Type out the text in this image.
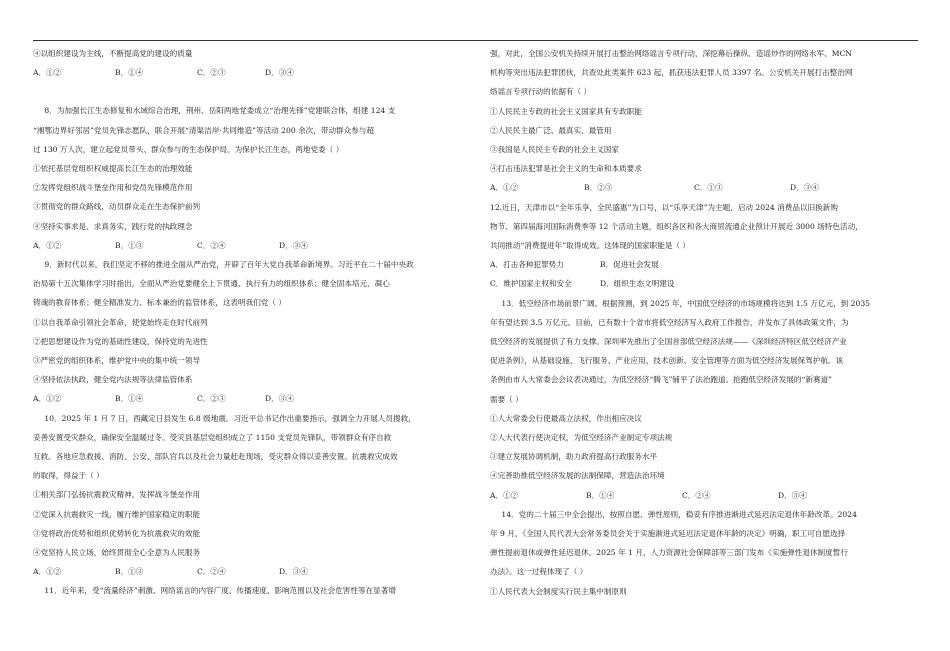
④以组织建设为主线，不断提高党的建设的质量

A．①②	B．①④	C．②③	D．③④

8．为加强长江生态修复和水域综合治理，荆州、岳阳两地党委成立“治理先锋”党建联合体，组建 124 支

“湘鄂边界好邻居”党员先锋志愿队，联合开展“清渠洁岸·共同维造”等活动 200 余次，带动群众参与超

过 130 万人次，建立起党员带头、群众参与的生态保护局。为保护长江生态，两地党委（ ）

①依托基层党组织权威提高长江生态的治理效能

②发挥党组织战斗堡垒作用和党员先锋模范作用

③贯彻党的群众路线，动员群众走在生态保护前列

④坚持实事求是、求真务实，践行党的执政理念

A．①②	B．①③	C．②④	D．③④

9．新时代以来，我们坚定不移的推进全面从严治党，开辟了百年大党自我革命新境界。习近平在二十届中央政

治局第十五次集体学习时指出，全面从严治党要健全上下贯通、执行有力的组织体系；健全固本培元、凝心

铸魂的教育体系；健全精准发力、标本兼治的监管体系，这表明我们党（ ）

①以自我革命引领社会革命，使党始终走在时代前列

②把思想建设作为党的基础性建设，保持党的先进性

③严密党的组织体系，维护党中央的集中统一领导

④坚持依法执政，健全党内法规等法律监管体系

A．①②	B．①④	C．②③	D．③④

10．2025 年 1 月 7 日，西藏定日县发生 6.8 级地震。习近平总书记作出重要指示，强调全力开展人员搜救，

妥善安置受灾群众，确保安全温暖过冬。受灾县基层党组织成立了 1150 支党员先锋队，带领群众有序自救

互救。各地应急救援、消防、公安、部队官兵以及社会力量赶赴现场，受灾群众得以妥善安置。抗震救灾成效

的取得，得益于（ ）

①相关部门弘扬抗震救灾精神，发挥战斗堡垒作用

②党深入抗震救灾一线，履行维护国家稳定的职能

③党将政治优势和组织优势转化为抗震救灾的效能

④党坚持人民立场，始终贯彻全心全意为人民服务

A．①②	B．①③	C．②④	D．③④

11．近年来，受“流量经济”刺激、网络谣言的内容广度、传播速度、影响范围以及社会危害性等在显著增

强，对此，全国公安机关持续开展打击整治网络谣言专项行动，深挖幕后操纵、造谣炒作的网络水军、MCN

机构等突出违法犯罪团伙，共查处此类案件 623 起，抓获违法犯罪人员 3397 名。公安机关开展打击整治网

络谣言专项行动的依据有（ ）

①人民民主专政的社会主义国家具有专政职能

②人民民主最广泛、最真实、最管用

③我国是人民民主专政的社会主义国家

④打击违法犯罪是社会主义的生命和本质要求

A．①②	B．②③	C．①③	D．③④

12.近日，天津市以“全年乐享，全民盛惠”为口号，以“乐享天津”为主题，启动 2024 消费品以旧换新购

物节、第四届海河国际消费季等 12 个活动主题，组织各区和各大商贸流通企业预计开展近 3000 场特色活动，

共同推动“消费提进年”取得成效。这体现的国家职能是（ ）

A．打击各种犯罪势力	B．促进社会发展
C．维护国家主权和安全	D．组织生态文明建设

13．低空经济市场前景广阔。根据预测，到 2025 年，中国低空经济的市场规模将达到 1.5 万亿元，到 2035

年有望达到 3.5 万亿元。目前，已有数十个省市将低空经济写入政府工作报告，并发布了具体政策文件，为

低空经济的发展提供了有力支撑。深圳率先推出了全国首部低空经济法规——《深圳经济特区低空经济产业

促进条例》，从基础设施、飞行服务、产业应用、技术创新、安全管理等方面为低空经济发展保驾护航。该

条例由市人大常委会会议表决通过，为低空经济“腾飞”铺平了法治跑道。抢跑低空经济发展的“新赛道”

需要（ ）

①人大常委会行使最高立法权，作出相应决议

②人大代表行使决定权，为低空经济产业制定专项法规

③建立发展协调机制，助力政府提高行政服务水平

④完善助推低空经济发展的法制保障，营造法治环境

A．①②	B．①④	C．②④	D．③④

14．党的二十届三中全会提出，按照自愿、弹性原则，稳妥有序推进渐进式延迟法定退休年龄改革。2024

年 9 月，《全国人民代表大会常务委员会关于实施渐进式延迟法定退休年龄的决定》明确，职工可自愿选择

弹性提前退休或弹性延迟退休。2025 年 1 月，人力资源社会保障部等三部门发布《实施弹性退休制度暂行

办法》。这一过程体现了（ ）

①人民代表大会制度实行民主集中制原则
